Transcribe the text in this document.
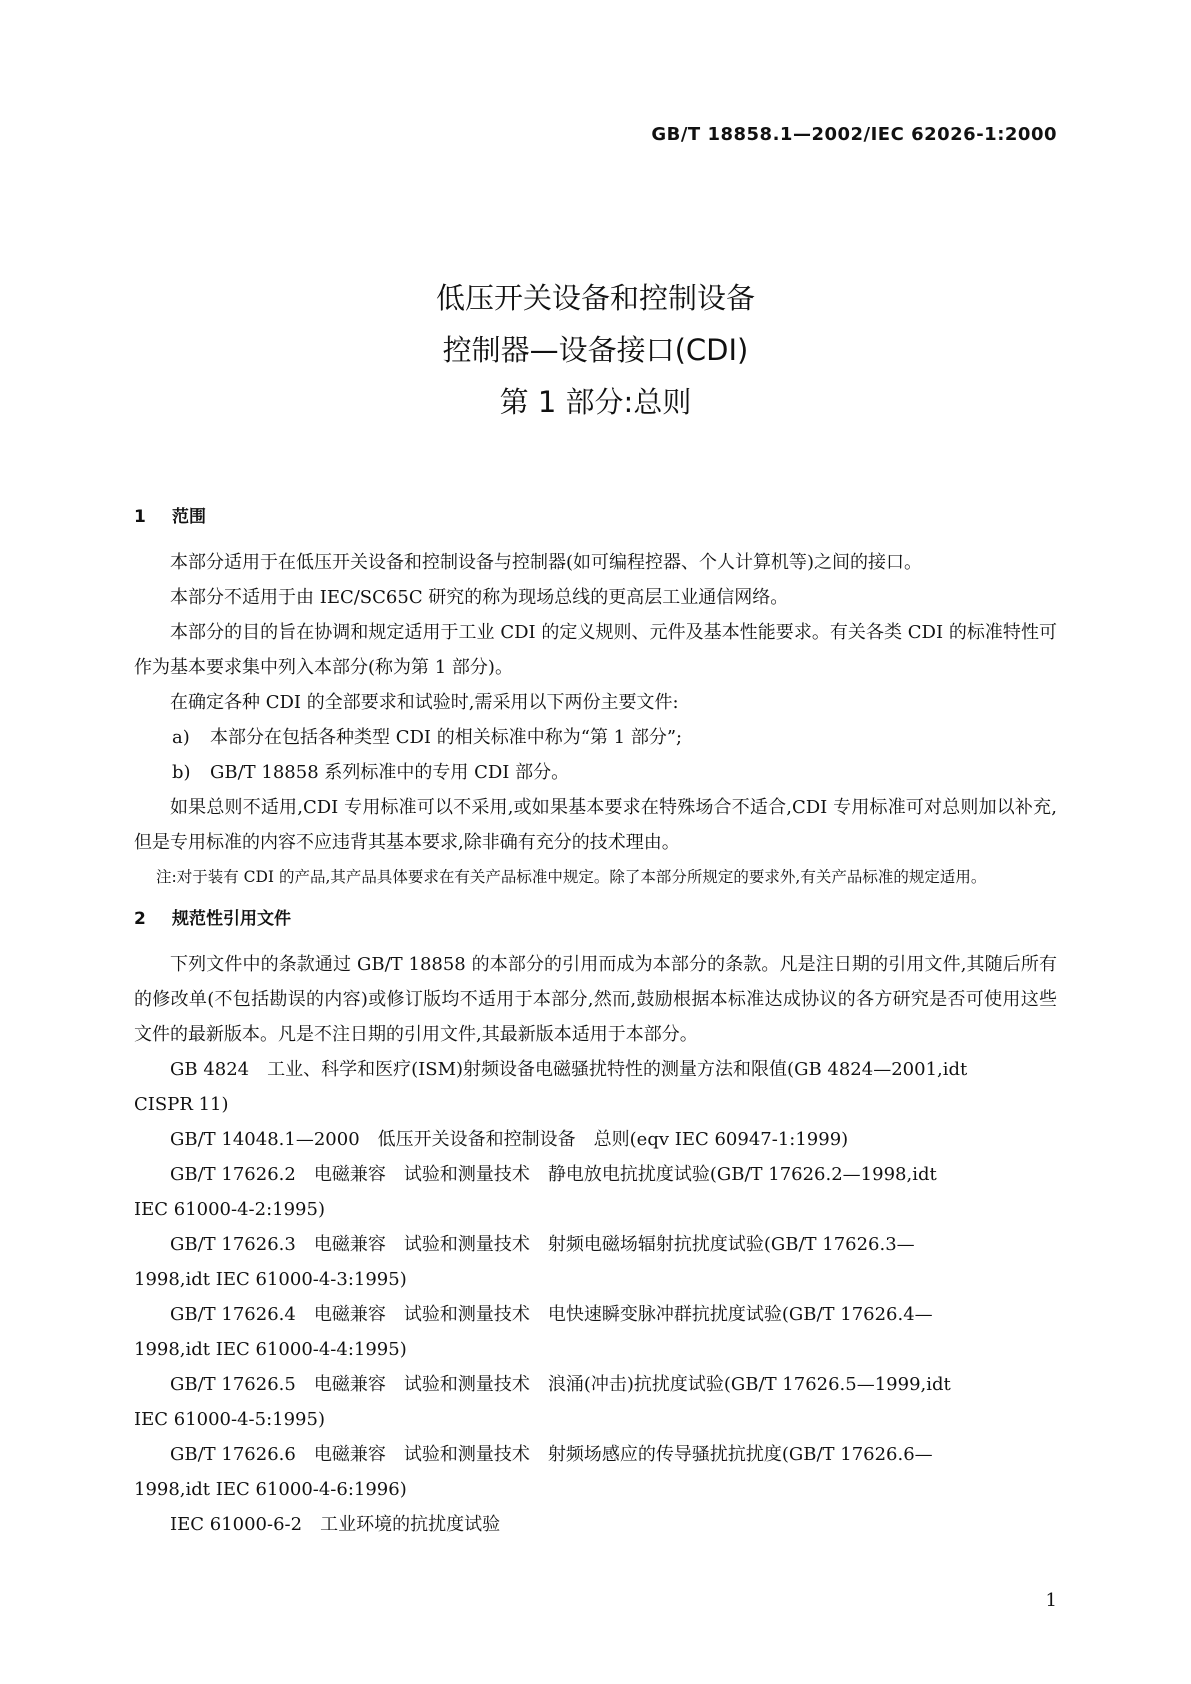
GB/T 18858.1—2002/IEC 62026-1:2000
低压开关设备和控制设备
控制器—设备接口(CDI)
第 1 部分:总则
1 范围

本部分适用于在低压开关设备和控制设备与控制器(如可编程控器、个人计算机等)之间的接口。

本部分不适用于由 IEC/SC65C 研究的称为现场总线的更高层工业通信网络。

本部分的目的旨在协调和规定适用于工业 CDI 的定义规则、元件及基本性能要求。有关各类 CDI 的标准特性可作为基本要求集中列入本部分(称为第 1 部分)。

在确定各种 CDI 的全部要求和试验时,需采用以下两份主要文件:

a) 本部分在包括各种类型 CDI 的相关标准中称为“第 1 部分”;
b) GB/T 18858 系列标准中的专用 CDI 部分。

如果总则不适用,CDI 专用标准可以不采用,或如果基本要求在特殊场合不适合,CDI 专用标准可对总则加以补充,但是专用标准的内容不应违背其基本要求,除非确有充分的技术理由。

注:对于装有 CDI 的产品,其产品具体要求在有关产品标准中规定。除了本部分所规定的要求外,有关产品标准的规定适用。

2 规范性引用文件

下列文件中的条款通过 GB/T 18858 的本部分的引用而成为本部分的条款。凡是注日期的引用文件,其随后所有的修改单(不包括勘误的内容)或修订版均不适用于本部分,然而,鼓励根据本标准达成协议的各方研究是否可使用这些文件的最新版本。凡是不注日期的引用文件,其最新版本适用于本部分。

GB 4824　工业、科学和医疗(ISM)射频设备电磁骚扰特性的测量方法和限值(GB 4824—2001,idt

CISPR 11)

GB/T 14048.1—2000　低压开关设备和控制设备　总则(eqv IEC 60947-1:1999)

GB/T 17626.2　电磁兼容　试验和测量技术　静电放电抗扰度试验(GB/T 17626.2—1998,idt

IEC 61000-4-2:1995)

GB/T 17626.3　电磁兼容　试验和测量技术　射频电磁场辐射抗扰度试验(GB/T 17626.3—

1998,idt IEC 61000-4-3:1995)

GB/T 17626.4　电磁兼容　试验和测量技术　电快速瞬变脉冲群抗扰度试验(GB/T 17626.4—

1998,idt IEC 61000-4-4:1995)

GB/T 17626.5　电磁兼容　试验和测量技术　浪涌(冲击)抗扰度试验(GB/T 17626.5—1999,idt

IEC 61000-4-5:1995)

GB/T 17626.6　电磁兼容　试验和测量技术　射频场感应的传导骚扰抗扰度(GB/T 17626.6—

1998,idt IEC 61000-4-6:1996)

IEC 61000-6-2　工业环境的抗扰度试验

1
